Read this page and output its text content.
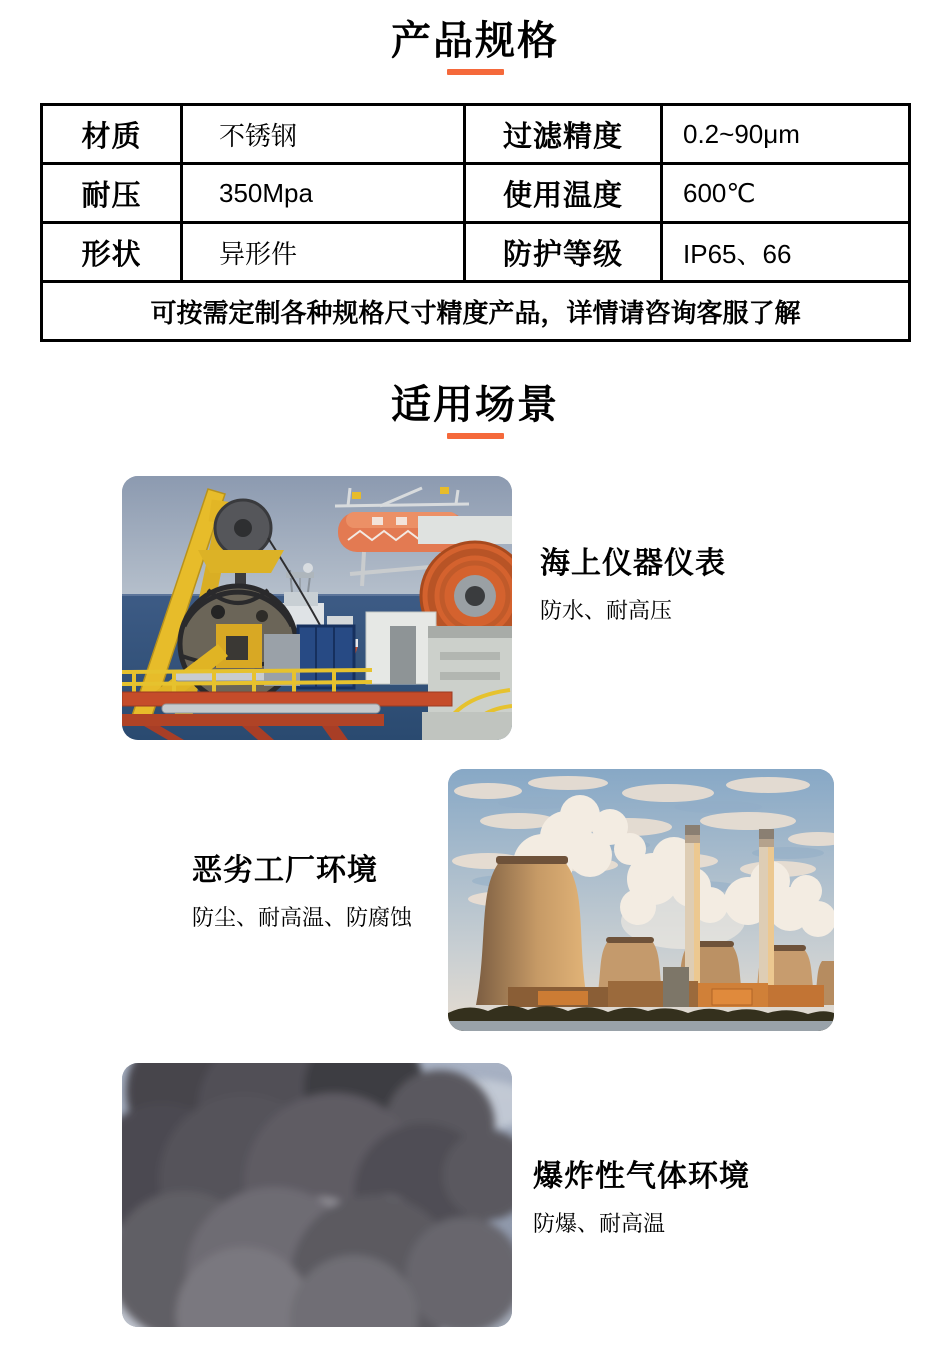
产品规格
材质	不锈钢	过滤精度	0.2~90μm
耐压	350Mpa	使用温度	600℃
形状	异形件	防护等级	IP65、66
可按需定制各种规格尺寸精度产品，详情请咨询客服了解			
适用场景
海上仪器仪表
防水、耐高压
恶劣工厂环境
防尘、耐高温、防腐蚀
爆炸性气体环境
防爆、耐高温
